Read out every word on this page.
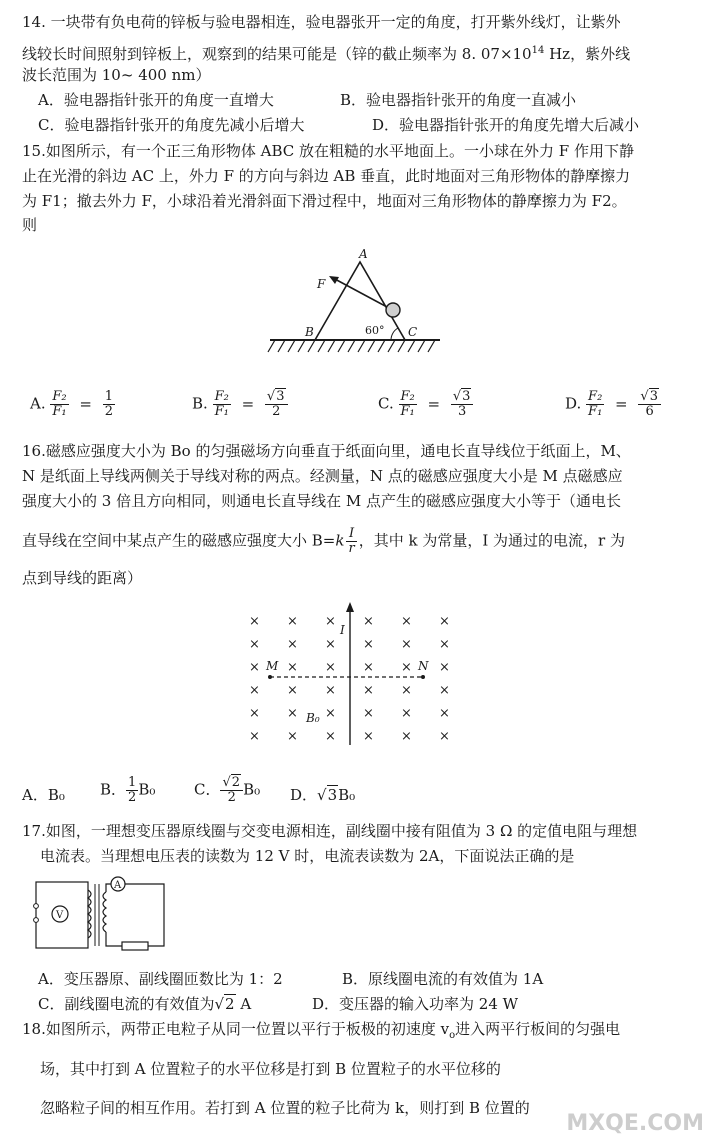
14. 一块带有负电荷的锌板与验电器相连，验电器张开一定的角度，打开紫外线灯，让紫外
线较长时间照射到锌板上，观察到的结果可能是（锌的截止频率为 8. $07\times 10^{14}$ Hz，紫外线
波长范围为 10~ 400 nm）
A．验电器指针张开的角度一直增大	B．验电器指针张开的角度一直减小
C．验电器指针张开的角度先减小后增大	D．验电器指针张开的角度先增大后减小
15.如图所示，有一个正三角形物体 ABC 放在粗糙的水平地面上。一小球在外力 F 作用下静
止在光滑的斜边 AC 上，外力 F 的方向与斜边 AB 垂直，此时地面对三角形物体的静摩擦力
为 F1；撤去外力 F，小球沿着光滑斜面下滑过程中，地面对三角形物体的静摩擦力为 F2。
则
A
B	C
F
60°
A. $\frac{\text{F₂}}{\text{F₁}} = \frac{1}{2}$	B. $\frac{\text{F₂}}{\text{F₁}} = \frac{√3}{2}$	C. $\frac{\text{F₂}}{\text{F₁}} = \frac{√3}{3}$	D. $\frac{\text{F₂}}{\text{F₁}} = \frac{√3}{6}$
16.磁感应强度大小为 Bo 的匀强磁场方向垂直于纸面向里，通电长直导线位于纸面上，M、
N 是纸面上导线两侧关于导线对称的两点。经测量，N 点的磁感应强度大小是 M 点磁感应
强度大小的 3 倍且方向相同，则通电长直导线在 M 点产生的磁感应强度大小等于（通电长
直导线在空间中某点产生的磁感应强度大小 $B=k \frac{I}{r}$ ，其中 k 为常量，I 为通过的电流，r 为
点到导线的距离）
× × × × × ×
× × × × × ×
× × × × × ×
× × × × × ×
× × × × × ×
× × × × × ×
I
M	N
B₀
A．B₀ B． $\frac{1}{2} B_0$	C． $\frac{√2}{2} B_0$ D．√3B₀
17.如图，一理想变压器原线圈与交变电源相连，副线圈中接有阻值为 3 Ω 的定值电阻与理想
电流表。当理想电压表的读数为 12 V 时，电流表读数为 2A，下面说法正确的是
V
A
A．变压器原、副线圈匝数比为 1：2	B．原线圈电流的有效值为 1A
C．副线圈电流的有效值为√2 A	D．变压器的输入功率为 24 W
18.如图所示，两带正电粒子从同一位置以平行于板极的初速度 $v_o$进入两平行板间的匀强电
场，其中打到 A 位置粒子的水平位移是打到 B 位置粒子的水平位移的
忽略粒子间的相互作用。若打到 A 位置的粒子比荷为 k，则打到 B 位置的
MXQE.COM
